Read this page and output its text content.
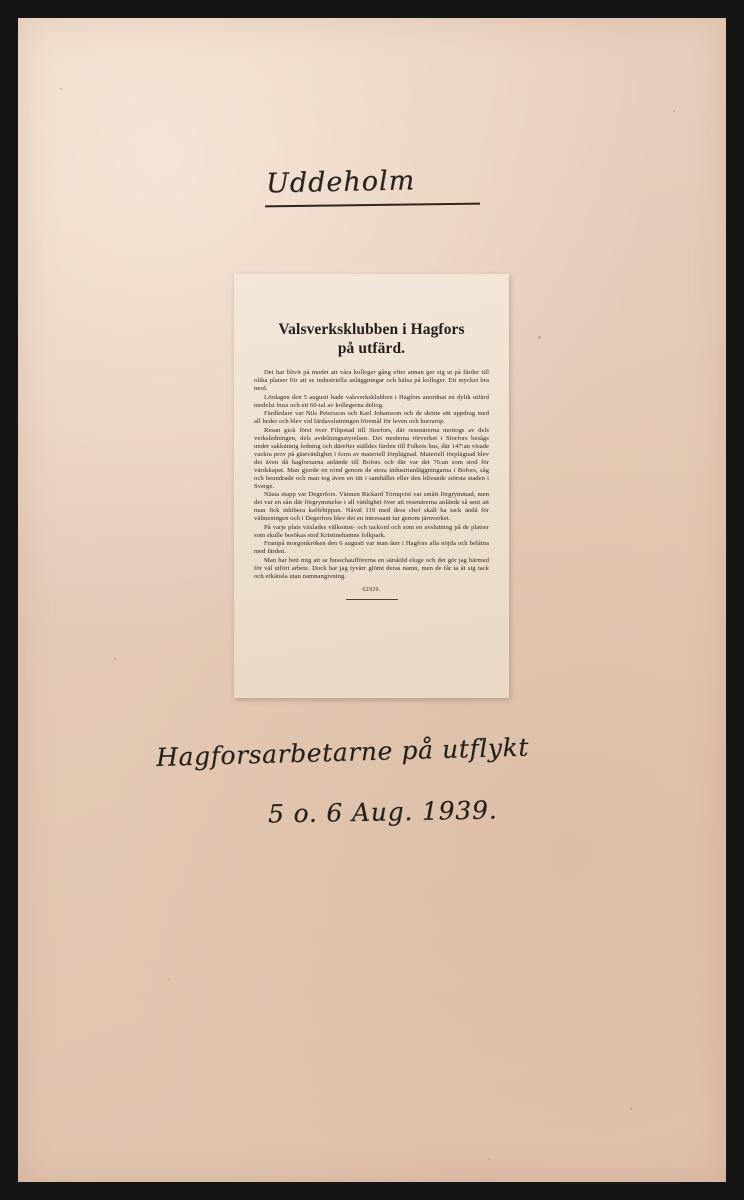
Uddeholm
Valsverksklubben i Hagfors
på utfärd.

Det har blivit på modet att våra kolleger gång efter annan ger sig ut på färder till olika platser för att se industriella anläggningar och hälsa på kolleger. Ett mycket bra mod.

Lördagen den 5 augusti hade valsverksklubben i Hagfors anordnat en dylik utfärd medelst buss och ett 60-tal av kollegerna deltog.

Färdledare var Nils Petersson och Karl Johansson och de skötte sitt uppdrag med all heder och blev vid färdavslutningen föremål för leven och hurrarop.

Resan gick först över Filipstad till Storfors, där resenärerna mottogs av dels verksledningen, dels avdelningsstyrelsen. Det moderna rörverket i Storfors besågs under sakkunnig ledning och därefter ställdes färden till Folkets hus, där 147:an visade vackra prov på gästvänlighet i form av materiell förplägnad. Materiell förplägnad blev det även då hagforsarna anlände till Bofors och där var det 76:an som stod för värdskapet. Man gjorde en rond genom de stora industrianläggningarna i Bofors, såg och beundrade och man tog även en titt i samhället eller den blivande största staden i Sverge.

Nästa etapp var Degerfors. Vännen Rickard Törnqvist var smått förgrymmad, men det var en sån där förgrymmelse i all vänlighet över att resenärerna anlände så sent att man fick inhibera kaffehippan. Nåväl 119 med dess chef skall ha tack ändå för välmeningen och i Degerfors blev det en intressant tur genom järnverket.

På varje plats växlades välkomst- och tackord och som en avslutning på de platser som skulle besökas stod Kristinehamns folkpark.

Frampå morgonkröken den 6 augusti var man åter i Hagfors alla nöjda och belåtna med färden.

Man har bett mig att se busschaufförerna en särskild eloge och det gör jag härmed för väl utfört arbete. Dock har jag tyvärr glömt deras namn, men de får ta åt sig tack och erkänsla utan namnangivning.

62920.
Hagforsarbetarne på utflykt
5 o. 6 Aug. 1939.
